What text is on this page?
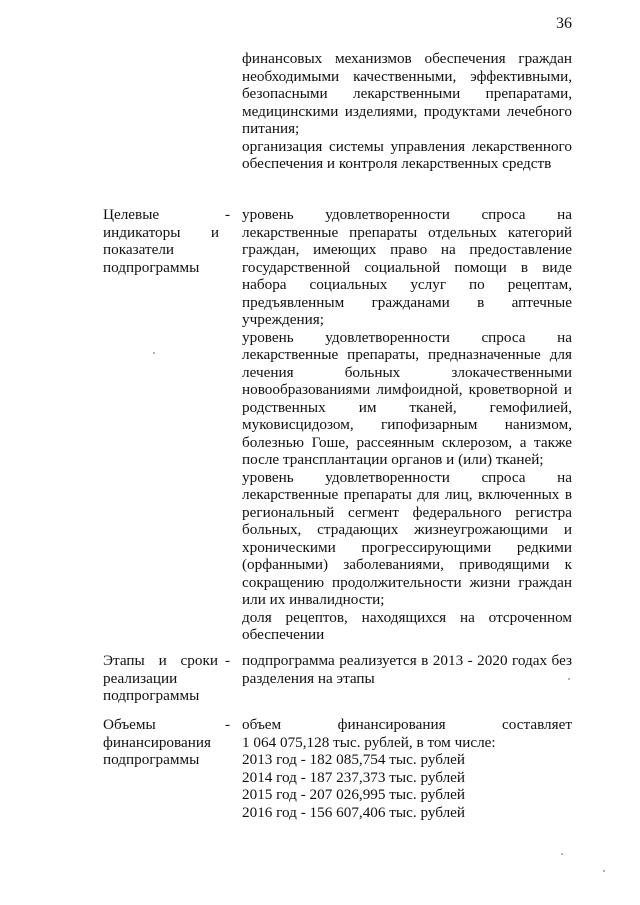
36
финансовых механизмов обеспечения граждан необходимыми качественными, эффективными, безопасными лекарственными препаратами, медицинскими изделиями, продуктами лечебного питания;
организация системы управления лекарственного обеспечения и контроля лекарственных средств
Целевые индикаторы и показатели подпрограммы
- уровень удовлетворенности спроса на лекарственные препараты отдельных категорий граждан, имеющих право на предоставление государственной социальной помощи в виде набора социальных услуг по рецептам, предъявленным гражданами в аптечные учреждения;
уровень удовлетворенности спроса на лекарственные препараты, предназначенные для лечения больных злокачественными новообразованиями лимфоидной, кроветворной и родственных им тканей, гемофилией, муковисцидозом, гипофизарным нанизмом, болезнью Гоше, рассеянным склерозом, а также после трансплантации органов и (или) тканей;
уровень удовлетворенности спроса на лекарственные препараты для лиц, включенных в региональный сегмент федерального регистра больных, страдающих жизнеугрожающими и хроническими прогрессирующими редкими (орфанными) заболеваниями, приводящими к сокращению продолжительности жизни граждан или их инвалидности;
доля рецептов, находящихся на отсроченном обеспечении
Этапы и сроки реализации подпрограммы
- подпрограмма реализуется в 2013 - 2020 годах без разделения на этапы
Объемы финансирования подпрограммы
- объем финансирования составляет
1 064 075,128 тыс. рублей, в том числе:
2013 год - 182 085,754 тыс. рублей
2014 год - 187 237,373 тыс. рублей
2015 год - 207 026,995 тыс. рублей
2016 год - 156 607,406 тыс. рублей
